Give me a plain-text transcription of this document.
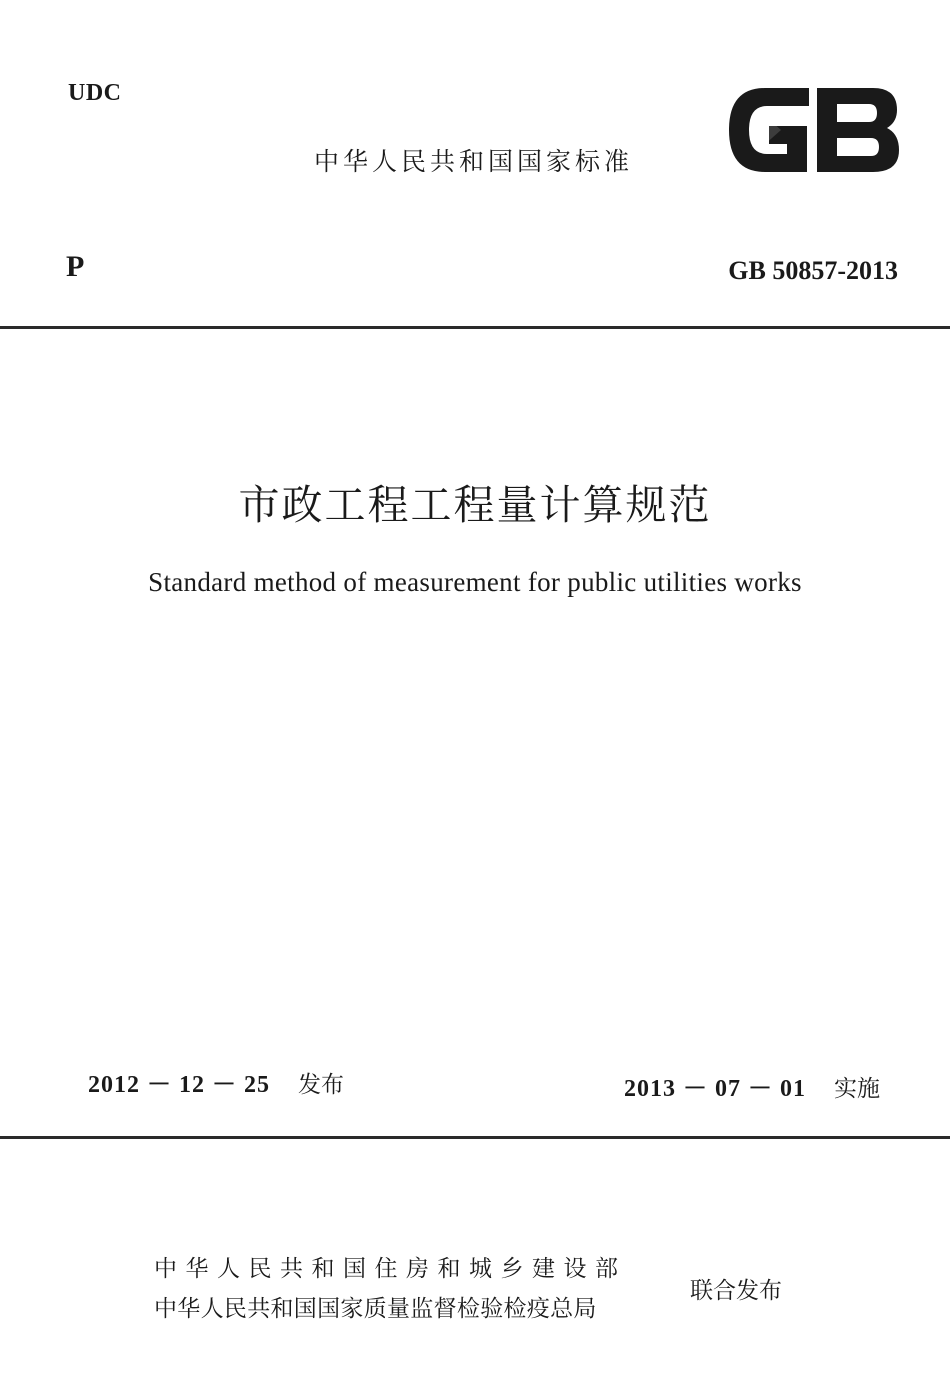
UDC
中华人民共和国国家标准
P	GB 50857-2013
市政工程工程量计算规范
Standard method of measurement for public utilities works
2012 － 12 － 25 发布	2013 － 07 － 01 实施
中华人民共和国住房和城乡建设部
中华人民共和国国家质量监督检验检疫总局
联合发布
